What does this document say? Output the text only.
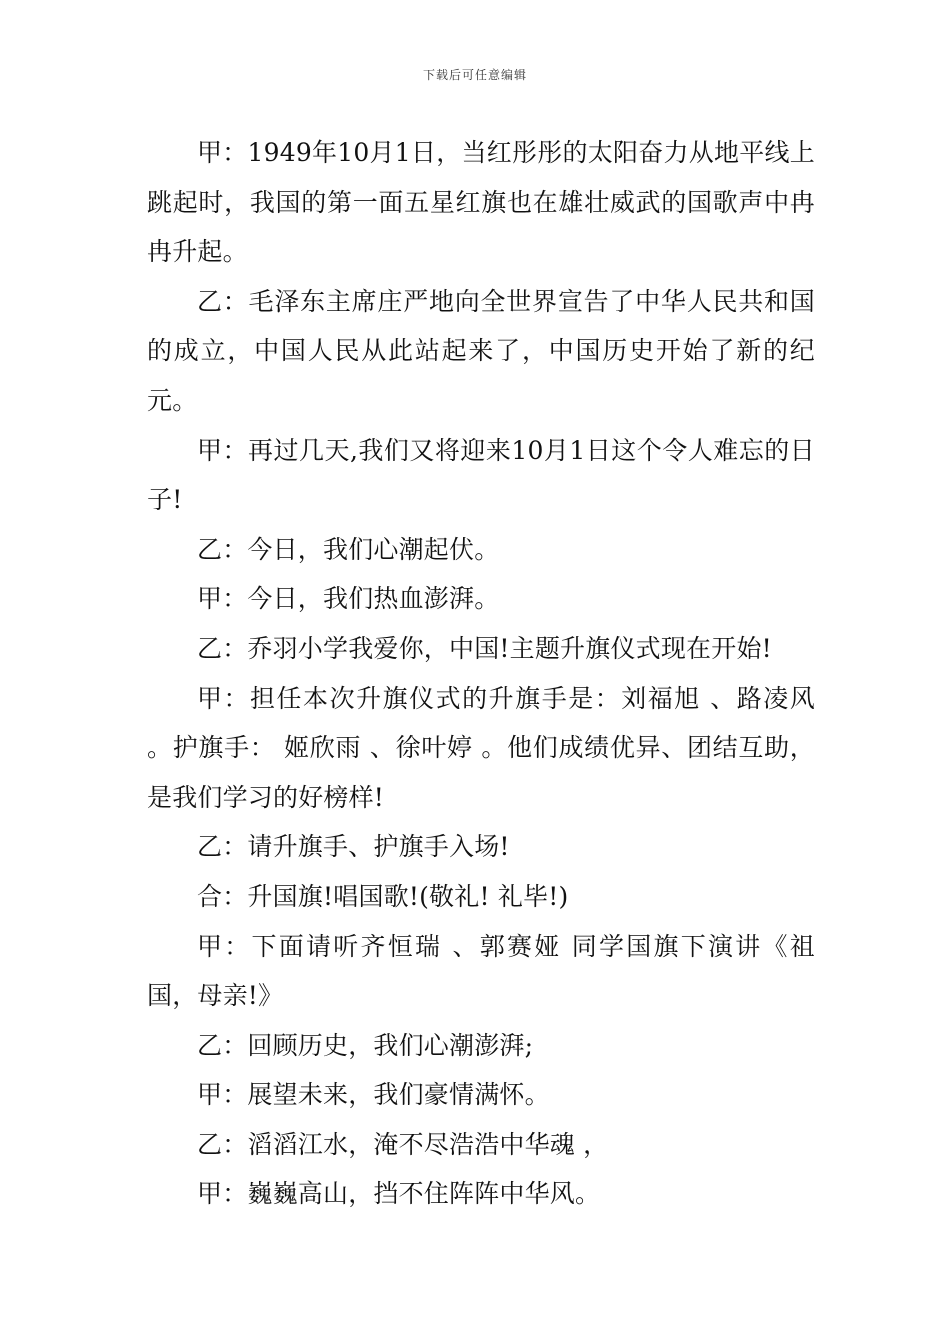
下载后可任意编辑

甲：1949年10月1日，当红彤彤的太阳奋力从地平线上跳起时，我国的第一面五星红旗也在雄壮威武的国歌声中冉冉升起。

乙：毛泽东主席庄严地向全世界宣告了中华人民共和国的成立，中国人民从此站起来了，中国历史开始了新的纪元。

甲：再过几天,我们又将迎来10月1日这个令人难忘的日子!

乙：今日，我们心潮起伏。

甲：今日，我们热血澎湃。

乙：乔羽小学我爱你，中国!主题升旗仪式现在开始!

甲：担任本次升旗仪式的升旗手是：刘福旭 、路凌风 。护旗手： 姬欣雨 、徐叶婷 。他们成绩优异、团结互助，是我们学习的好榜样!

乙：请升旗手、护旗手入场!

合：升国旗!唱国歌!(敬礼! 礼毕!)

甲：下面请听齐恒瑞 、郭赛娅 同学国旗下演讲《祖国，母亲!》

乙：回顾历史，我们心潮澎湃;

甲：展望未来，我们豪情满怀。

乙：滔滔江水，淹不尽浩浩中华魂 ，

甲：巍巍高山，挡不住阵阵中华风。
